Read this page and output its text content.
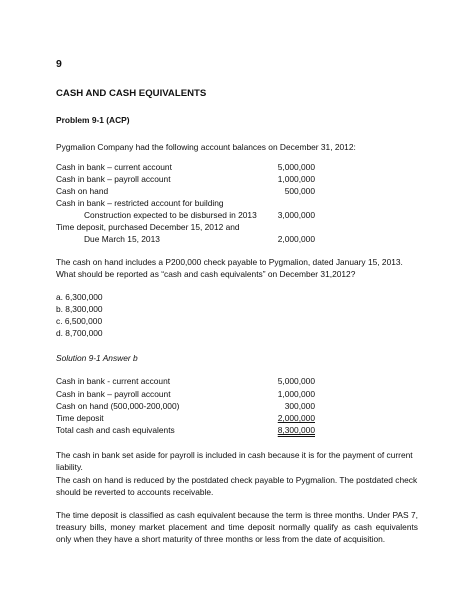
9
CASH AND CASH EQUIVALENTS
Problem 9-1 (ACP)
Pygmalion Company had the following account balances on December 31, 2012:
Cash in bank – current account	5,000,000
Cash in bank – payroll account	1,000,000
Cash on hand	500,000
Cash in bank – restricted account for building
Construction expected to be disbursed in 2013	3,000,000
Time deposit, purchased December 15, 2012 and
Due March 15, 2013	2,000,000
The cash on hand includes a P200,000 check payable to Pygmalion, dated January 15, 2013.
What should be reported as “cash and cash equivalents” on December 31,2012?
a. 6,300,000
b. 8,300,000
c. 6,500,000
d. 8,700,000
Solution 9-1 Answer b
Cash in bank - current account	5,000,000
Cash in bank – payroll account	1,000,000
Cash on hand (500,000-200,000)	300,000
Time deposit	2,000,000
Total cash and cash equivalents	8,300,000
The cash in bank set aside for payroll is included in cash because it is for the payment of current liability.
The cash on hand is reduced by the postdated check payable to Pygmalion. The postdated check should be reverted to accounts receivable.
The time deposit is classified as cash equivalent because the term is three months. Under PAS 7, treasury bills, money market placement and time deposit normally qualify as cash equivalents only when they have a short maturity of three months or less from the date of acquisition.
